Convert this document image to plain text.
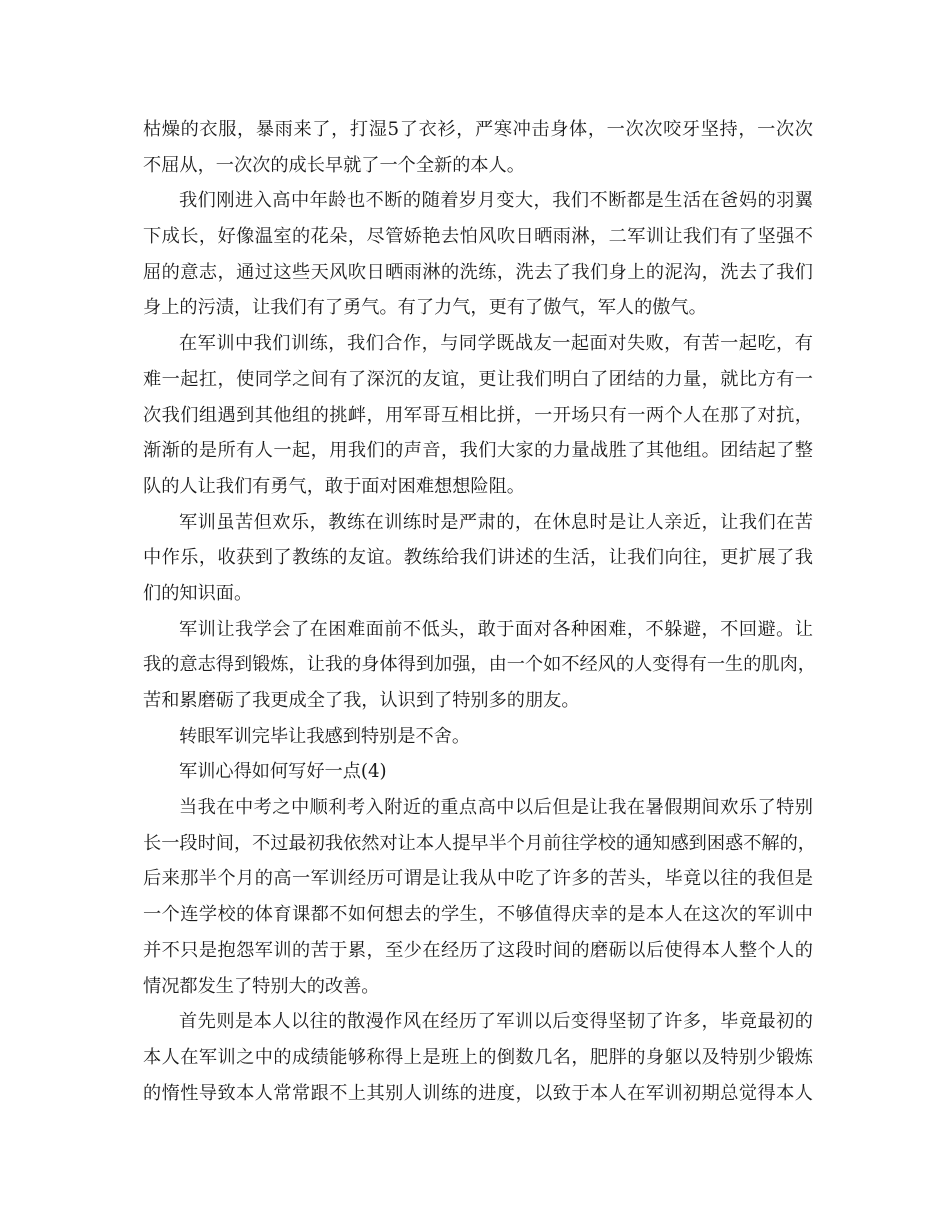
枯燥的衣服，暴雨来了，打湿5了衣衫，严寒冲击身体，一次次咬牙坚持，一次次
不屈从，一次次的成长早就了一个全新的本人。
我们刚进入高中年龄也不断的随着岁月变大，我们不断都是生活在爸妈的羽翼
下成长，好像温室的花朵，尽管娇艳去怕风吹日晒雨淋，二军训让我们有了坚强不
屈的意志，通过这些天风吹日晒雨淋的洗练，洗去了我们身上的泥沟，洗去了我们
身上的污渍，让我们有了勇气。有了力气，更有了傲气，军人的傲气。
在军训中我们训练，我们合作，与同学既战友一起面对失败，有苦一起吃，有
难一起扛，使同学之间有了深沉的友谊，更让我们明白了团结的力量，就比方有一
次我们组遇到其他组的挑衅，用军哥互相比拼，一开场只有一两个人在那了对抗，
渐渐的是所有人一起，用我们的声音，我们大家的力量战胜了其他组。团结起了整
队的人让我们有勇气，敢于面对困难想想险阻。
军训虽苦但欢乐，教练在训练时是严肃的，在休息时是让人亲近，让我们在苦
中作乐，收获到了教练的友谊。教练给我们讲述的生活，让我们向往，更扩展了我
们的知识面。
军训让我学会了在困难面前不低头，敢于面对各种困难，不躲避，不回避。让
我的意志得到锻炼，让我的身体得到加强，由一个如不经风的人变得有一生的肌肉，
苦和累磨砺了我更成全了我，认识到了特别多的朋友。
转眼军训完毕让我感到特别是不舍。
军训心得如何写好一点(4)
当我在中考之中顺利考入附近的重点高中以后但是让我在暑假期间欢乐了特别
长一段时间，不过最初我依然对让本人提早半个月前往学校的通知感到困惑不解的，
后来那半个月的高一军训经历可谓是让我从中吃了许多的苦头，毕竟以往的我但是
一个连学校的体育课都不如何想去的学生，不够值得庆幸的是本人在这次的军训中
并不只是抱怨军训的苦于累，至少在经历了这段时间的磨砺以后使得本人整个人的
情况都发生了特别大的改善。
首先则是本人以往的散漫作风在经历了军训以后变得坚韧了许多，毕竟最初的
本人在军训之中的成绩能够称得上是班上的倒数几名，肥胖的身躯以及特别少锻炼
的惰性导致本人常常跟不上其别人训练的进度，以致于本人在军训初期总觉得本人
